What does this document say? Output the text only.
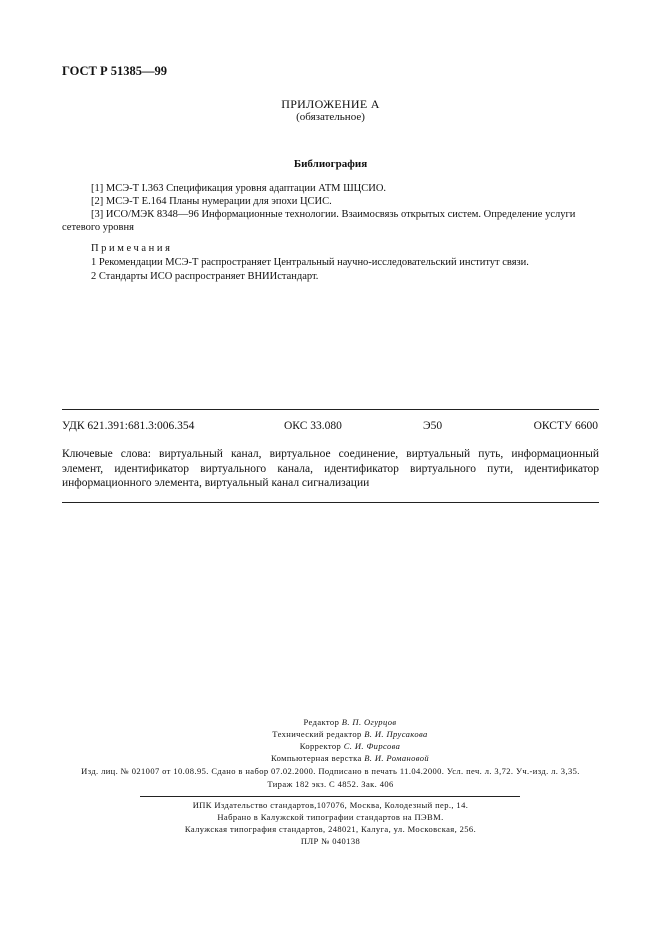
ГОСТ Р 51385—99
ПРИЛОЖЕНИЕ А
(обязательное)
Библиография
[1] МСЭ-Т I.363 Спецификация уровня адаптации АТМ ШЦСИО.
[2] МСЭ-Т Е.164 Планы нумерации для эпохи ЦСИС.
[3] ИСО/МЭК 8348—96 Информационные технологии. Взаимосвязь открытых систем. Определение услуги
сетевого уровня
Примечания
1 Рекомендации МСЭ-Т распространяет Центральный научно-исследовательский институт связи.
2 Стандарты ИСО распространяет ВНИИстандарт.
УДК 621.391:681.3:006.354	ОКС 33.080	Э50	ОКСТУ 6600
Ключевые слова: виртуальный канал, виртуальное соединение, виртуальный путь, информационный элемент, идентификатор виртуального канала, идентификатор виртуального пути, идентификатор информационного элемента, виртуальный канал сигнализации
Редактор В. П. Огурцов
Технический редактор В. И. Прусакова
Корректор С. И. Фирсова
Компьютерная верстка В. И. Романовой
Изд. лиц. № 021007 от 10.08.95. Сдано в набор 07.02.2000. Подписано в печать 11.04.2000. Усл. печ. л. 3,72. Уч.-изд. л. 3,35.
Тираж 182 экз. С 4852. Зак. 406
ИПК Издательство стандартов,107076, Москва, Колодезный пер., 14.
Набрано в Калужской типографии стандартов на ПЭВМ.
Калужская типография стандартов, 248021, Калуга, ул. Московская, 256.
ПЛР № 040138
